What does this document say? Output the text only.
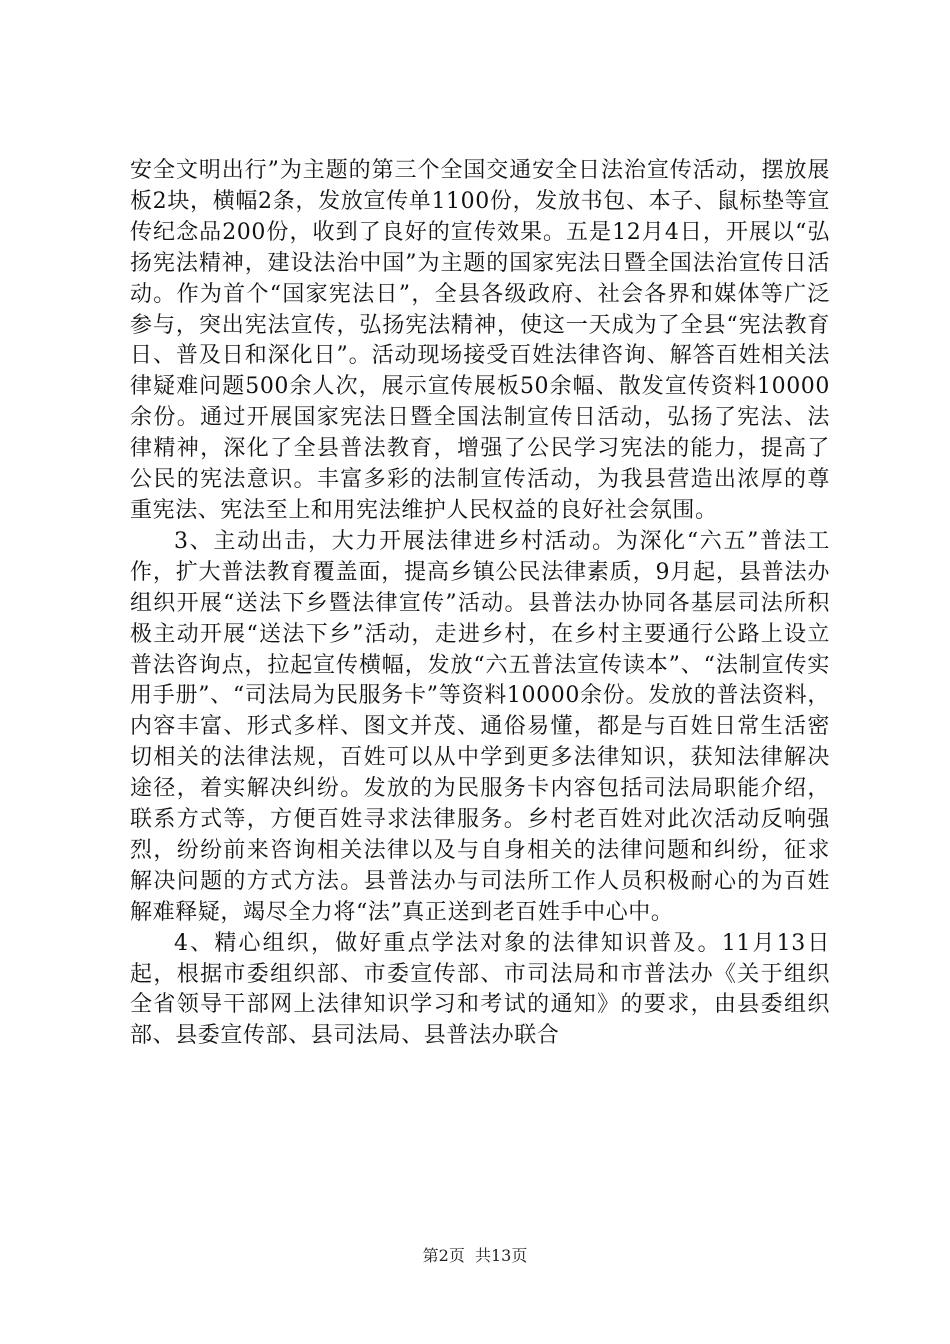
安全文明出行”为主题的第三个全国交通安全日法治宣传活动，摆放展板2块，横幅2条，发放宣传单1100份，发放书包、本子、鼠标垫等宣传纪念品200份，收到了良好的宣传效果。五是12月4日，开展以“弘扬宪法精神，建设法治中国”为主题的国家宪法日暨全国法治宣传日活动。作为首个“国家宪法日”，全县各级政府、社会各界和媒体等广泛参与，突出宪法宣传，弘扬宪法精神，使这一天成为了全县“宪法教育日、普及日和深化日”。活动现场接受百姓法律咨询、解答百姓相关法律疑难问题500余人次，展示宣传展板50余幅、散发宣传资料10000余份。通过开展国家宪法日暨全国法制宣传日活动，弘扬了宪法、法律精神，深化了全县普法教育，增强了公民学习宪法的能力，提高了公民的宪法意识。丰富多彩的法制宣传活动，为我县营造出浓厚的尊重宪法、宪法至上和用宪法维护人民权益的良好社会氛围。

3、主动出击，大力开展法律进乡村活动。为深化“六五”普法工作，扩大普法教育覆盖面，提高乡镇公民法律素质，9月起，县普法办组织开展“送法下乡暨法律宣传”活动。县普法办协同各基层司法所积极主动开展“送法下乡”活动，走进乡村，在乡村主要通行公路上设立普法咨询点，拉起宣传横幅，发放“六五普法宣传读本”、“法制宣传实用手册”、“司法局为民服务卡”等资料10000余份。发放的普法资料，内容丰富、形式多样、图文并茂、通俗易懂，都是与百姓日常生活密切相关的法律法规，百姓可以从中学到更多法律知识，获知法律解决途径，着实解决纠纷。发放的为民服务卡内容包括司法局职能介绍，联系方式等，方便百姓寻求法律服务。乡村老百姓对此次活动反响强烈，纷纷前来咨询相关法律以及与自身相关的法律问题和纠纷，征求解决问题的方式方法。县普法办与司法所工作人员积极耐心的为百姓解难释疑，竭尽全力将“法”真正送到老百姓手中心中。

4、精心组织，做好重点学法对象的法律知识普及。11月13日起，根据市委组织部、市委宣传部、市司法局和市普法办《关于组织全省领导干部网上法律知识学习和考试的通知》的要求，由县委组织部、县委宣传部、县司法局、县普法办联合

第2页  共13页
